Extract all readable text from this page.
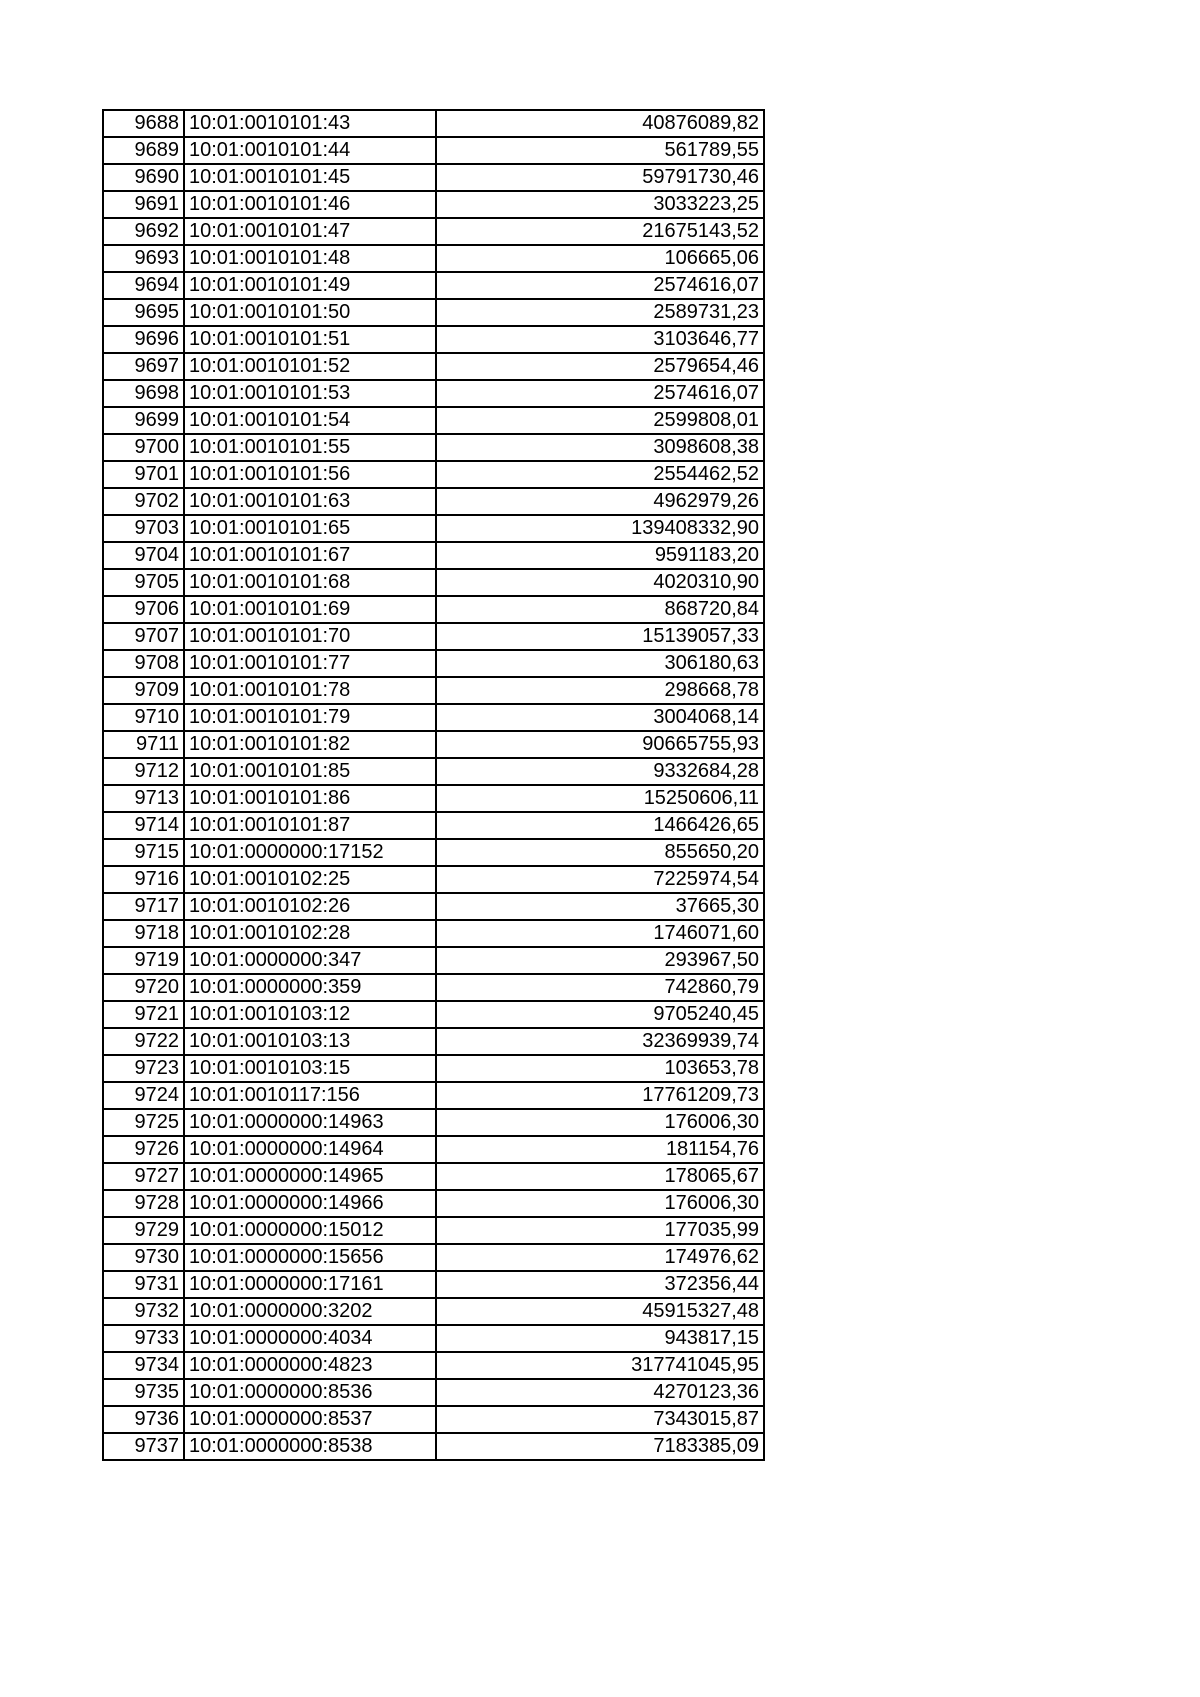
9688	10:01:0010101:43	40876089,82
9689	10:01:0010101:44	561789,55
9690	10:01:0010101:45	59791730,46
9691	10:01:0010101:46	3033223,25
9692	10:01:0010101:47	21675143,52
9693	10:01:0010101:48	106665,06
9694	10:01:0010101:49	2574616,07
9695	10:01:0010101:50	2589731,23
9696	10:01:0010101:51	3103646,77
9697	10:01:0010101:52	2579654,46
9698	10:01:0010101:53	2574616,07
9699	10:01:0010101:54	2599808,01
9700	10:01:0010101:55	3098608,38
9701	10:01:0010101:56	2554462,52
9702	10:01:0010101:63	4962979,26
9703	10:01:0010101:65	139408332,90
9704	10:01:0010101:67	9591183,20
9705	10:01:0010101:68	4020310,90
9706	10:01:0010101:69	868720,84
9707	10:01:0010101:70	15139057,33
9708	10:01:0010101:77	306180,63
9709	10:01:0010101:78	298668,78
9710	10:01:0010101:79	3004068,14
9711	10:01:0010101:82	90665755,93
9712	10:01:0010101:85	9332684,28
9713	10:01:0010101:86	15250606,11
9714	10:01:0010101:87	1466426,65
9715	10:01:0000000:17152	855650,20
9716	10:01:0010102:25	7225974,54
9717	10:01:0010102:26	37665,30
9718	10:01:0010102:28	1746071,60
9719	10:01:0000000:347	293967,50
9720	10:01:0000000:359	742860,79
9721	10:01:0010103:12	9705240,45
9722	10:01:0010103:13	32369939,74
9723	10:01:0010103:15	103653,78
9724	10:01:0010117:156	17761209,73
9725	10:01:0000000:14963	176006,30
9726	10:01:0000000:14964	181154,76
9727	10:01:0000000:14965	178065,67
9728	10:01:0000000:14966	176006,30
9729	10:01:0000000:15012	177035,99
9730	10:01:0000000:15656	174976,62
9731	10:01:0000000:17161	372356,44
9732	10:01:0000000:3202	45915327,48
9733	10:01:0000000:4034	943817,15
9734	10:01:0000000:4823	317741045,95
9735	10:01:0000000:8536	4270123,36
9736	10:01:0000000:8537	7343015,87
9737	10:01:0000000:8538	7183385,09
